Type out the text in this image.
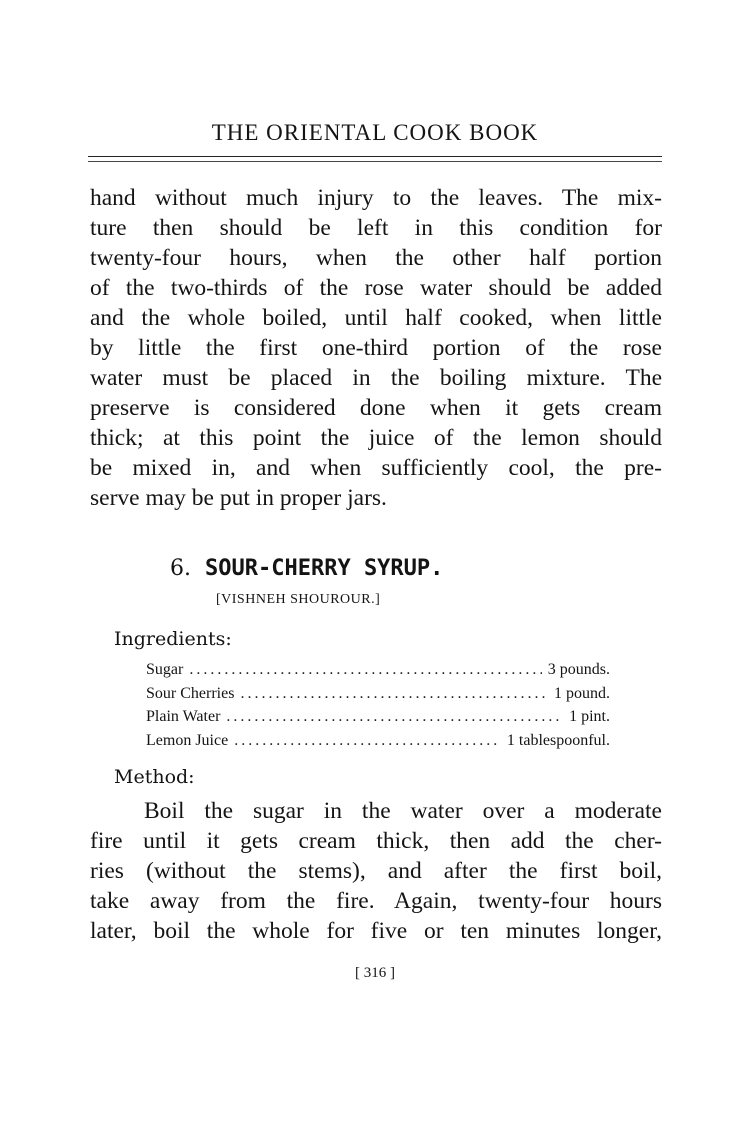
THE ORIENTAL COOK BOOK
hand without much injury to the leaves. The mix-
ture then should be left in this condition for
twenty-four hours, when the other half portion
of the two-thirds of the rose water should be added
and the whole boiled, until half cooked, when little
by little the first one-third portion of the rose
water must be placed in the boiling mixture. The
preserve is considered done when it gets cream
thick; at this point the juice of the lemon should
be mixed in, and when sufficiently cool, the pre-
serve may be put in proper jars.
6. SOUR-CHERRY SYRUP.
[VISHNEH SHOUROUR.]
Ingredients:
Sugar .....	3 pounds.
Sour Cherries .....	1 pound.
Plain Water .....	1 pint.
Lemon Juice .....	1 tablespoonful.
Method:
Boil the sugar in the water over a moderate
fire until it gets cream thick, then add the cher-
ries (without the stems), and after the first boil,
take away from the fire. Again, twenty-four hours
later, boil the whole for five or ten minutes longer,
[ 316 ]
